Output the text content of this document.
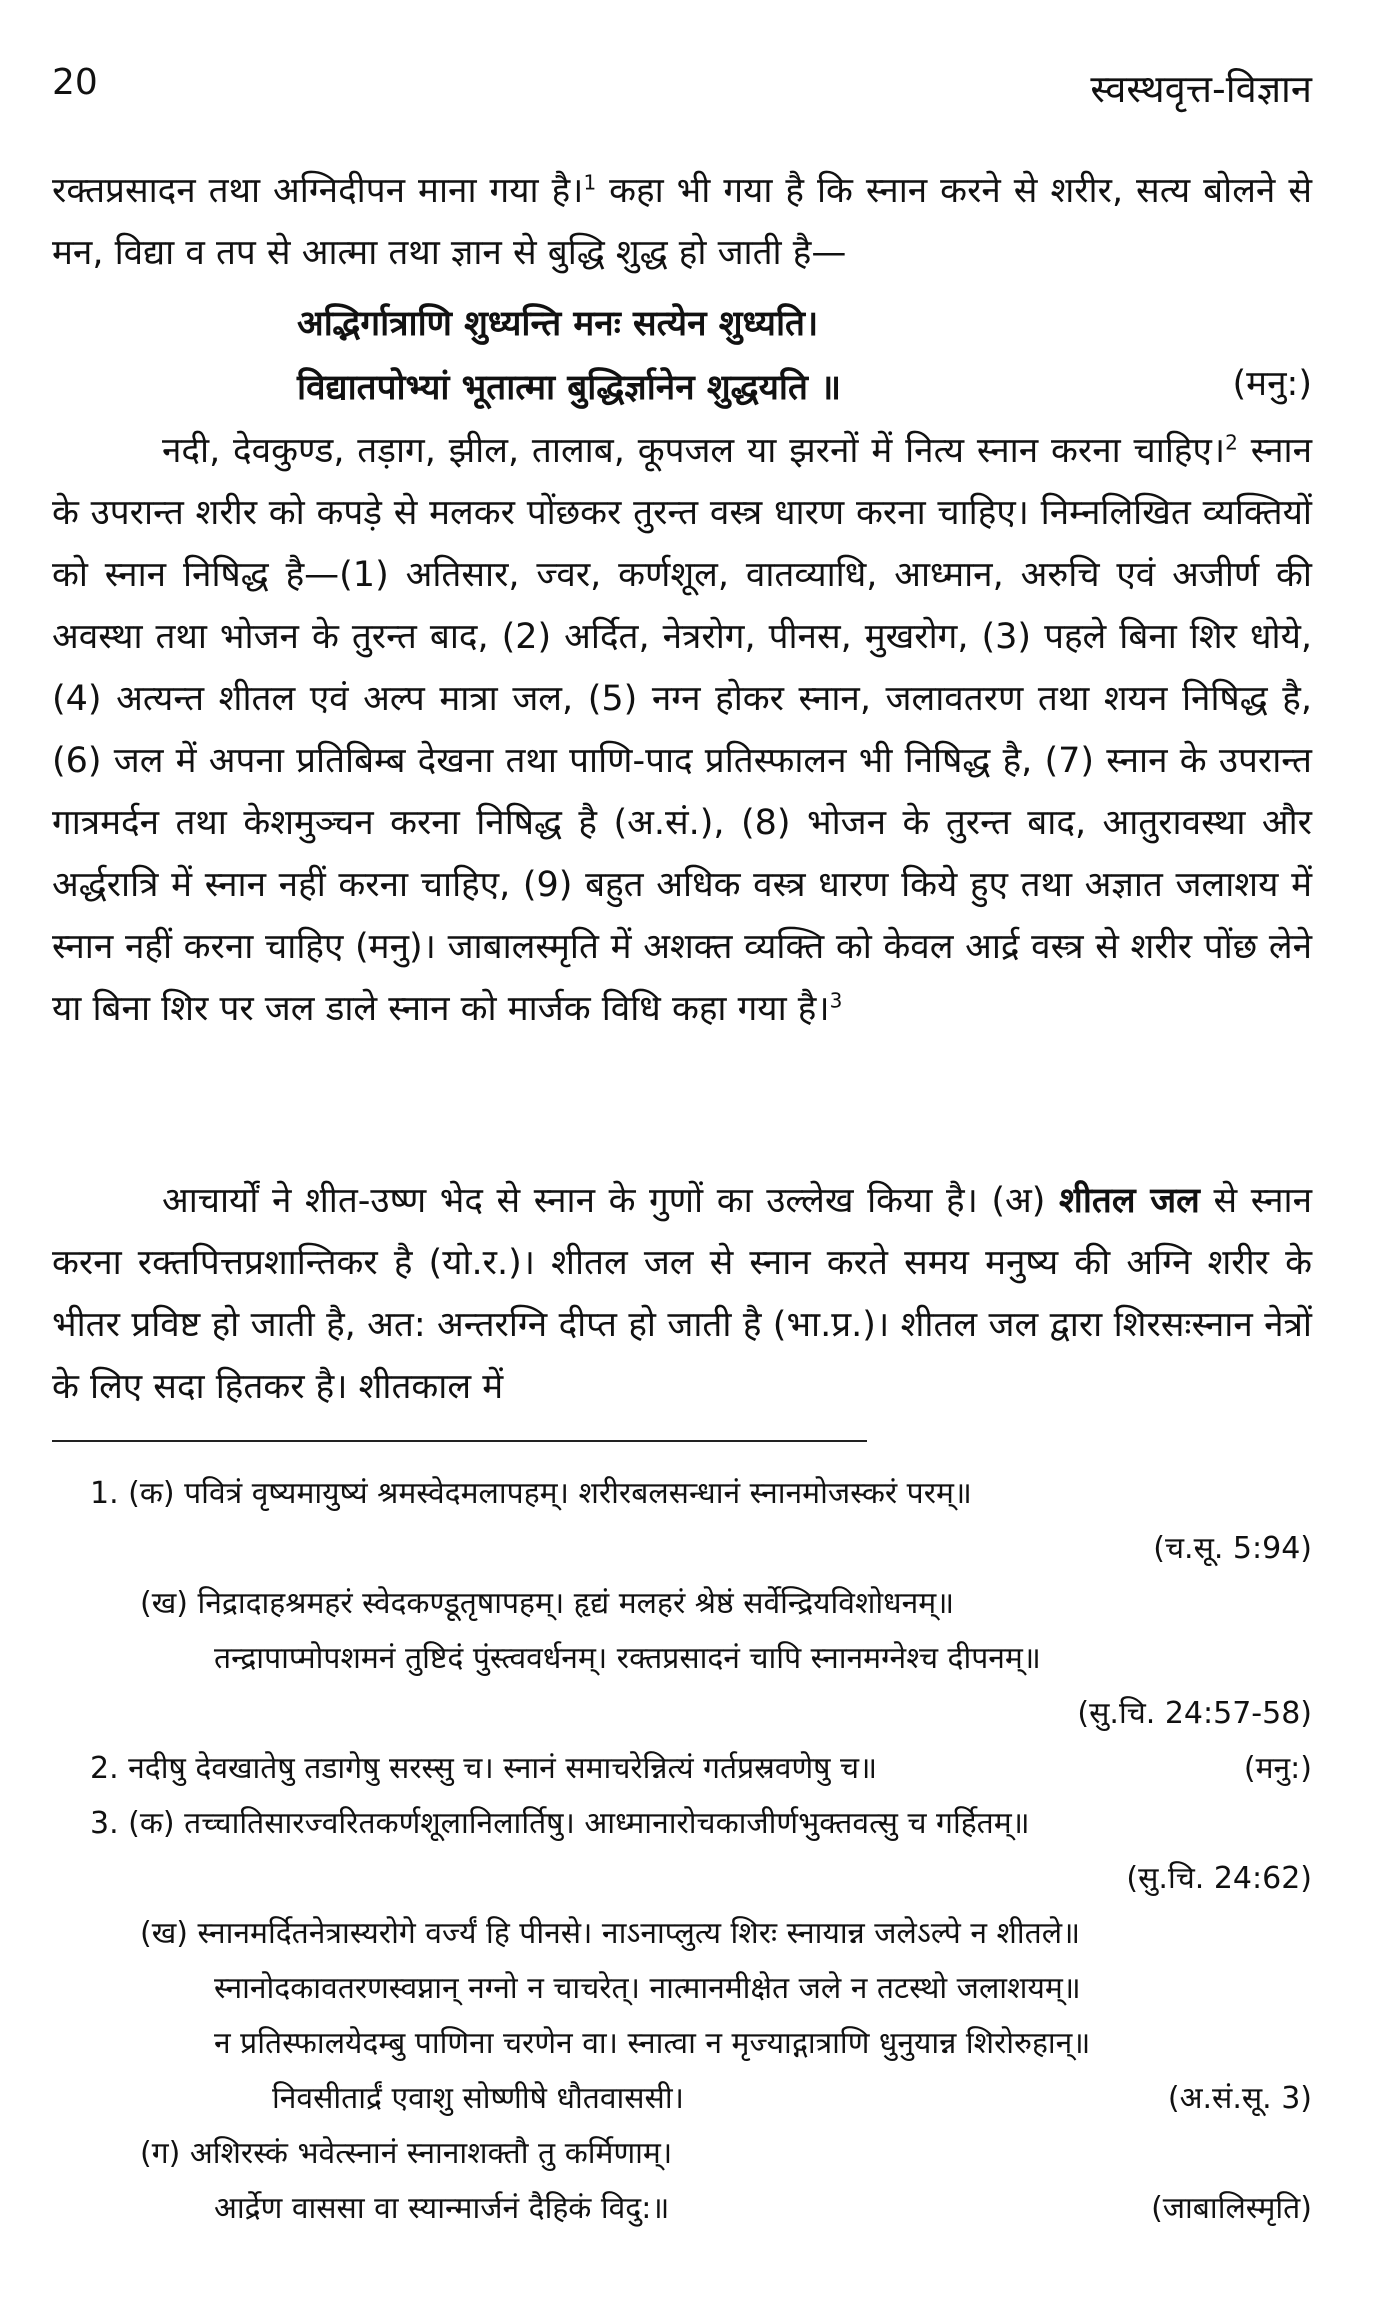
20	स्वस्थवृत्त-विज्ञान

रक्तप्रसादन तथा अग्निदीपन माना गया है।$^1$ कहा भी गया है कि स्नान करने से शरीर, सत्य बोलने से मन, विद्या व तप से आत्मा तथा ज्ञान से बुद्धि शुद्ध हो जाती है—

अद्भिर्गात्राणि शुध्यन्ति मनः सत्येन शुध्यति।
विद्यातपोभ्यां भूतात्मा बुद्धिर्ज्ञानेन शुद्धयति ॥	(मनु:)

नदी, देवकुण्ड, तड़ाग, झील, तालाब, कूपजल या झरनों में नित्य स्नान करना चाहिए।$^2$ स्नान के उपरान्त शरीर को कपड़े से मलकर पोंछकर तुरन्त वस्त्र धारण करना चाहिए। निम्नलिखित व्यक्तियों को स्नान निषिद्ध है—(1) अतिसार, ज्वर, कर्णशूल, वातव्याधि, आध्मान, अरुचि एवं अजीर्ण की अवस्था तथा भोजन के तुरन्त बाद, (2) अर्दित, नेत्ररोग, पीनस, मुखरोग, (3) पहले बिना शिर धोये, (4) अत्यन्त शीतल एवं अल्प मात्रा जल, (5) नग्न होकर स्नान, जलावतरण तथा शयन निषिद्ध है, (6) जल में अपना प्रतिबिम्ब देखना तथा पाणि-पाद प्रतिस्फालन भी निषिद्ध है, (7) स्नान के उपरान्त गात्रमर्दन तथा केशमुञ्चन करना निषिद्ध है (अ.सं.), (8) भोजन के तुरन्त बाद, आतुरावस्था और अर्द्धरात्रि में स्नान नहीं करना चाहिए, (9) बहुत अधिक वस्त्र धारण किये हुए तथा अज्ञात जलाशय में स्नान नहीं करना चाहिए (मनु)। जाबालस्मृति में अशक्त व्यक्ति को केवल आर्द्र वस्त्र से शरीर पोंछ लेने या बिना शिर पर जल डाले स्नान को मार्जक विधि कहा गया है।$^3$

आचार्यों ने शीत-उष्ण भेद से स्नान के गुणों का उल्लेख किया है। (अ) शीतल जल से स्नान करना रक्तपित्तप्रशान्तिकर है (यो.र.)। शीतल जल से स्नान करते समय मनुष्य की अग्नि शरीर के भीतर प्रविष्ट हो जाती है, अत: अन्तरग्नि दीप्त हो जाती है (भा.प्र.)। शीतल जल द्वारा शिरसःस्नान नेत्रों के लिए सदा हितकर है। शीतकाल में

1. (क) पवित्रं वृष्यमायुष्यं श्रमस्वेदमलापहम्। शरीरबलसन्धानं स्नानमोजस्करं परम्॥
(च.सू. 5:94)
(ख) निद्रादाहश्रमहरं स्वेदकण्डूतृषापहम्। हृद्यं मलहरं श्रेष्ठं सर्वेन्द्रियविशोधनम्॥
तन्द्रापाप्मोपशमनं तुष्टिदं पुंस्त्ववर्धनम्। रक्तप्रसादनं चापि स्नानमग्नेश्च दीपनम्॥
(सु.चि. 24:57-58)
2. नदीषु देवखातेषु तडागेषु सरस्सु च। स्नानं समाचरेन्नित्यं गर्तप्रस्रवणेषु च॥	(मनु:)
3. (क) तच्चातिसारज्वरितकर्णशूलानिलार्तिषु। आध्मानारोचकाजीर्णभुक्तवत्सु च गर्हितम्॥
(सु.चि. 24:62)
(ख) स्नानमर्दितनेत्रास्यरोगे वर्ज्यं हि पीनसे। नाऽनाप्लुत्य शिरः स्नायान्न जलेऽल्पे न शीतले॥
स्नानोदकावतरणस्वप्नान् नग्नो न चाचरेत्। नात्मानमीक्षेत जले न तटस्थो जलाशयम्॥
न प्रतिस्फालयेदम्बु पाणिना चरणेन वा। स्नात्वा न मृज्याद्गात्राणि धुनुयान्न शिरोरुहान्॥
निवसीतार्द्रं एवाशु सोष्णीषे धौतवाससी।	(अ.सं.सू. 3)
(ग) अशिरस्कं भवेत्स्नानं स्नानाशक्तौ तु कर्मिणाम्।
आर्द्रेण वाससा वा स्यान्मार्जनं दैहिकं विदु:॥	(जाबालिस्मृति)
